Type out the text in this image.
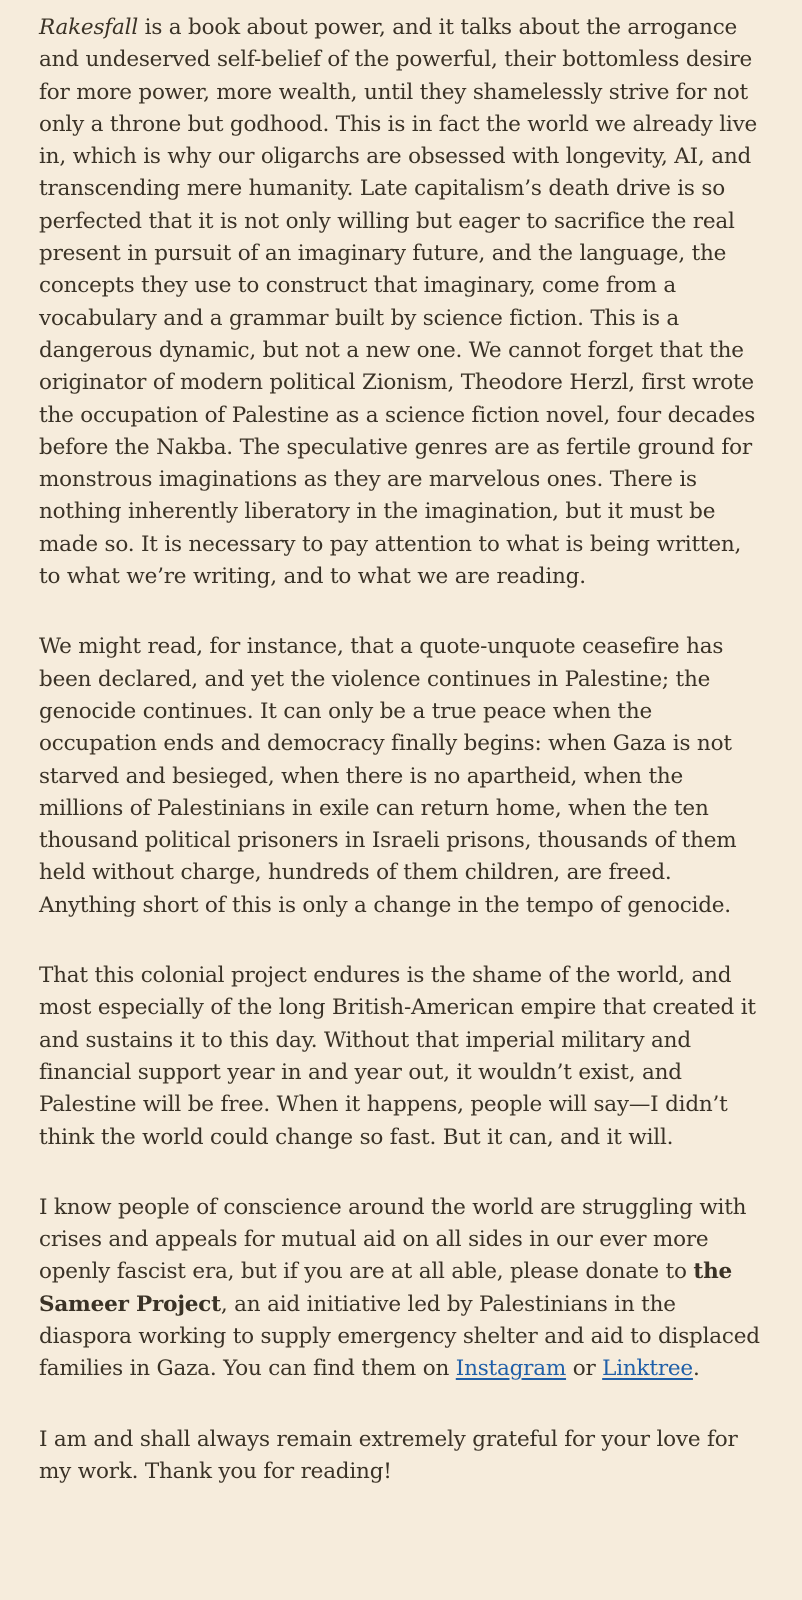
Rakesfall is a book about power, and it talks about the arrogance and undeserved self-belief of the powerful, their bottomless desire for more power, more wealth, until they shamelessly strive for not only a throne but godhood. This is in fact the world we already live in, which is why our oligarchs are obsessed with longevity, AI, and transcending mere humanity. Late capitalism’s death drive is so perfected that it is not only willing but eager to sacrifice the real present in pursuit of an imaginary future, and the language, the concepts they use to construct that imaginary, come from a vocabulary and a grammar built by science fiction. This is a dangerous dynamic, but not a new one. We cannot forget that the originator of modern political Zionism, Theodore Herzl, first wrote the occupation of Palestine as a science fiction novel, four decades before the Nakba. The speculative genres are as fertile ground for monstrous imaginations as they are marvelous ones. There is nothing inherently liberatory in the imagination, but it must be made so. It is necessary to pay attention to what is being written, to what we’re writing, and to what we are reading.

We might read, for instance, that a quote-unquote ceasefire has been declared, and yet the violence continues in Palestine; the genocide continues. It can only be a true peace when the occupation ends and democracy finally begins: when Gaza is not starved and besieged, when there is no apartheid, when the millions of Palestinians in exile can return home, when the ten thousand political prisoners in Israeli prisons, thousands of them held without charge, hundreds of them children, are freed. Anything short of this is only a change in the tempo of genocide.

That this colonial project endures is the shame of the world, and most especially of the long British-American empire that created it and sustains it to this day. Without that imperial military and financial support year in and year out, it wouldn’t exist, and Palestine will be free. When it happens, people will say—I didn’t think the world could change so fast. But it can, and it will.

I know people of conscience around the world are struggling with crises and appeals for mutual aid on all sides in our ever more openly fascist era, but if you are at all able, please donate to the Sameer Project, an aid initiative led by Palestinians in the diaspora working to supply emergency shelter and aid to displaced families in Gaza. You can find them on Instagram or Linktree.

I am and shall always remain extremely grateful for your love for my work. Thank you for reading!
